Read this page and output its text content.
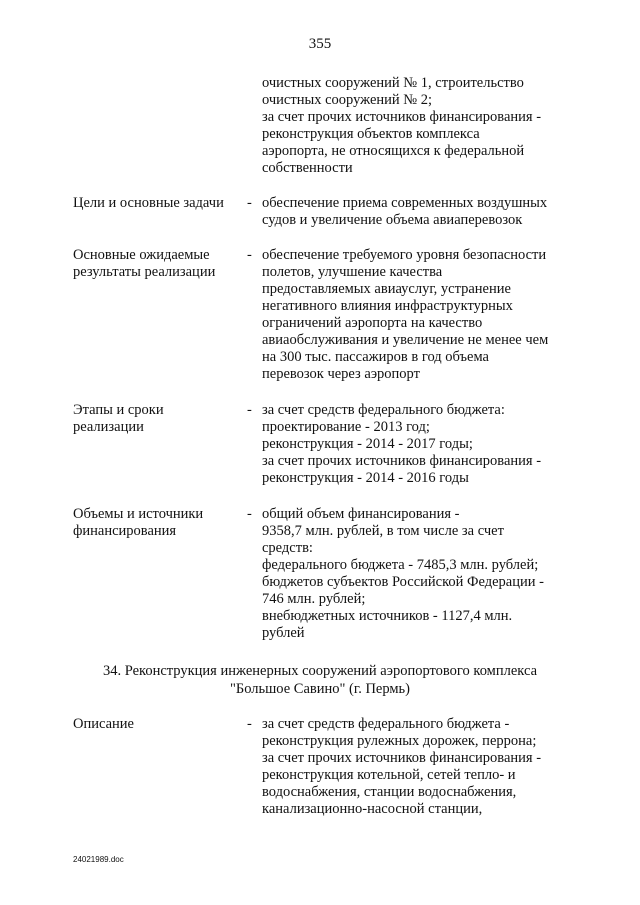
355
очистных сооружений № 1, строительство
очистных сооружений № 2;
за счет прочих источников финансирования -
реконструкция объектов комплекса
аэропорта, не относящихся к федеральной
собственности
Цели и основные задачи - обеспечение приема современных воздушных
судов и увеличение объема авиаперевозок
Основные ожидаемые
результаты реализации
- обеспечение требуемого уровня безопасности
полетов, улучшение качества
предоставляемых авиауслуг, устранение
негативного влияния инфраструктурных
ограничений аэропорта на качество
авиаобслуживания и увеличение не менее чем
на 300 тыс. пассажиров в год объема
перевозок через аэропорт
Этапы и сроки
реализации
- за счет средств федерального бюджета:
проектирование - 2013 год;
реконструкция - 2014 - 2017 годы;
за счет прочих источников финансирования -
реконструкция - 2014 - 2016 годы
Объемы и источники
финансирования
- общий объем финансирования -
9358,7 млн. рублей, в том числе за счет
средств:
федерального бюджета - 7485,3 млн. рублей;
бюджетов субъектов Российской Федерации -
746 млн. рублей;
внебюджетных источников - 1127,4 млн.
рублей
34. Реконструкция инженерных сооружений аэропортового комплекса
"Большое Савино" (г. Пермь)
Описание	- за счет средств федерального бюджета -
реконструкция рулежных дорожек, перрона;
за счет прочих источников финансирования -
реконструкция котельной, сетей тепло- и
водоснабжения, станции водоснабжения,
канализационно-насосной станции,
24021989.doc
